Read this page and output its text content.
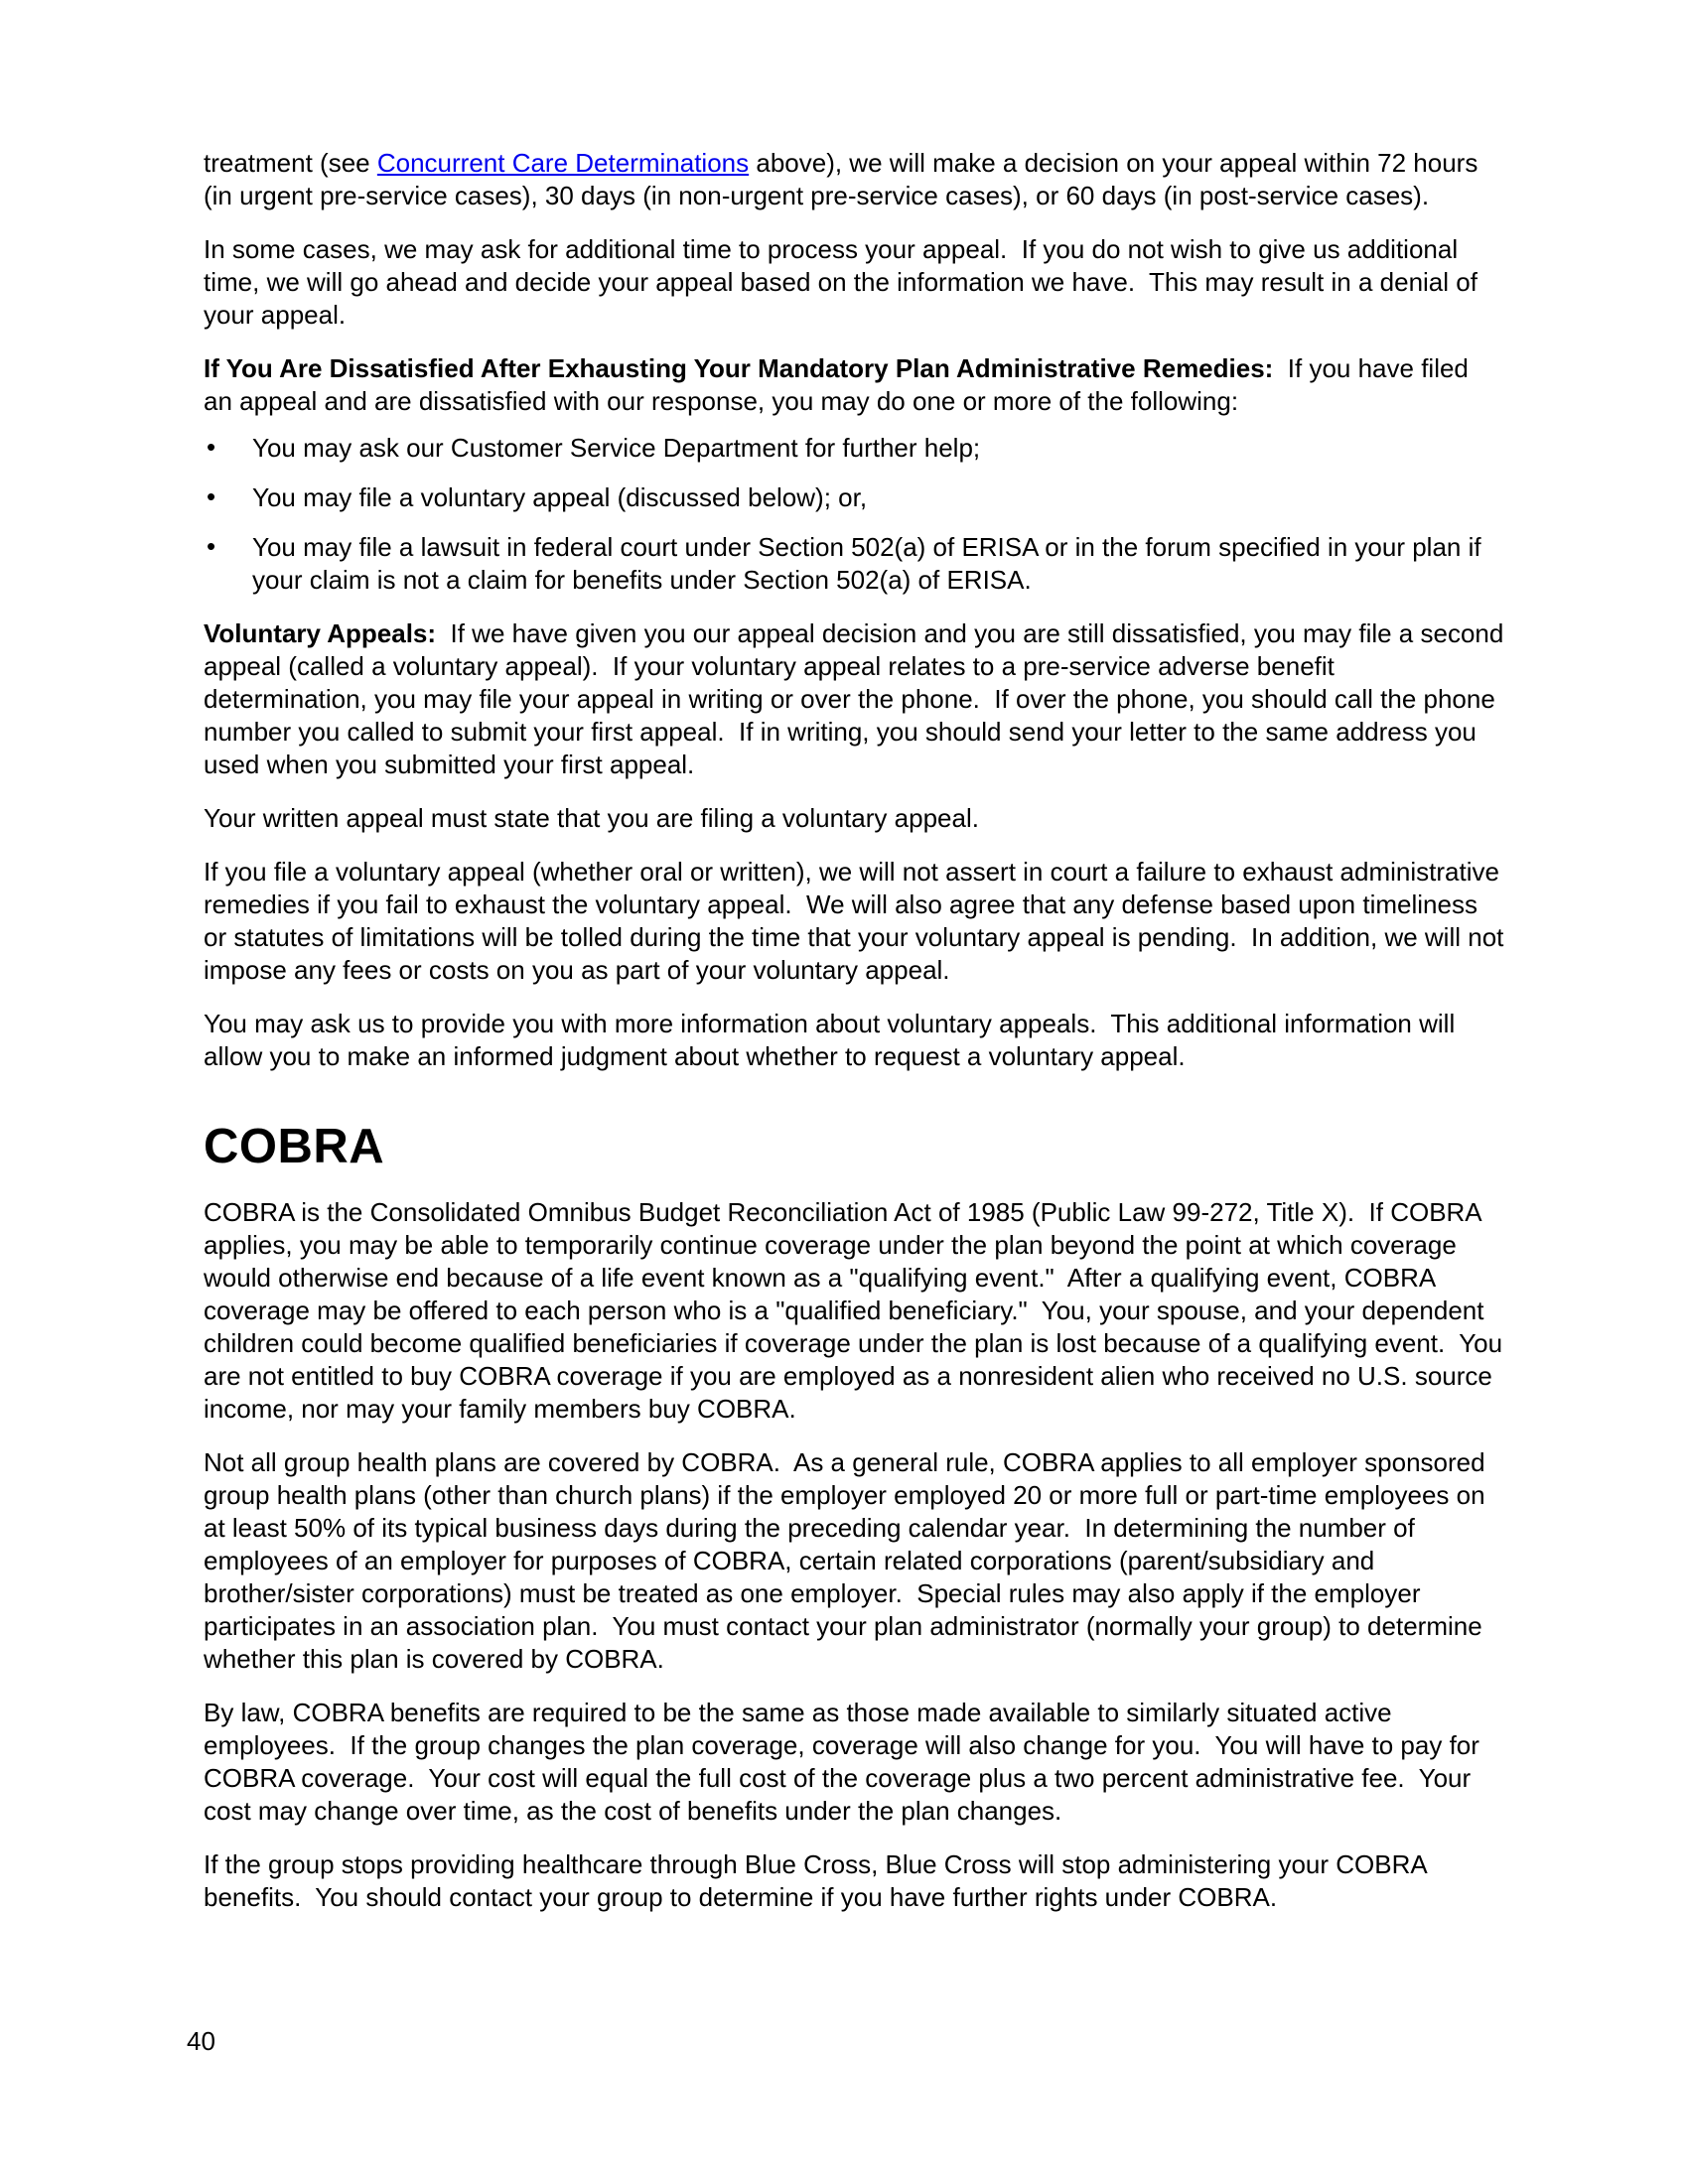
treatment (see Concurrent Care Determinations above), we will make a decision on your appeal within 72 hours (in urgent pre-service cases), 30 days (in non-urgent pre-service cases), or 60 days (in post-service cases).

In some cases, we may ask for additional time to process your appeal.  If you do not wish to give us additional time, we will go ahead and decide your appeal based on the information we have.  This may result in a denial of your appeal.

If You Are Dissatisfied After Exhausting Your Mandatory Plan Administrative Remedies:  If you have filed an appeal and are dissatisfied with our response, you may do one or more of the following:

• You may ask our Customer Service Department for further help;
• You may file a voluntary appeal (discussed below); or,
• You may file a lawsuit in federal court under Section 502(a) of ERISA or in the forum specified in your plan if your claim is not a claim for benefits under Section 502(a) of ERISA.

Voluntary Appeals:  If we have given you our appeal decision and you are still dissatisfied, you may file a second appeal (called a voluntary appeal).  If your voluntary appeal relates to a pre-service adverse benefit determination, you may file your appeal in writing or over the phone.  If over the phone, you should call the phone number you called to submit your first appeal.  If in writing, you should send your letter to the same address you used when you submitted your first appeal.

Your written appeal must state that you are filing a voluntary appeal.

If you file a voluntary appeal (whether oral or written), we will not assert in court a failure to exhaust administrative remedies if you fail to exhaust the voluntary appeal.  We will also agree that any defense based upon timeliness or statutes of limitations will be tolled during the time that your voluntary appeal is pending.  In addition, we will not impose any fees or costs on you as part of your voluntary appeal.

You may ask us to provide you with more information about voluntary appeals.  This additional information will allow you to make an informed judgment about whether to request a voluntary appeal.

COBRA

COBRA is the Consolidated Omnibus Budget Reconciliation Act of 1985 (Public Law 99-272, Title X).  If COBRA applies, you may be able to temporarily continue coverage under the plan beyond the point at which coverage would otherwise end because of a life event known as a "qualifying event."  After a qualifying event, COBRA coverage may be offered to each person who is a "qualified beneficiary."  You, your spouse, and your dependent children could become qualified beneficiaries if coverage under the plan is lost because of a qualifying event.  You are not entitled to buy COBRA coverage if you are employed as a nonresident alien who received no U.S. source income, nor may your family members buy COBRA.

Not all group health plans are covered by COBRA.  As a general rule, COBRA applies to all employer sponsored group health plans (other than church plans) if the employer employed 20 or more full or part-time employees on at least 50% of its typical business days during the preceding calendar year.  In determining the number of employees of an employer for purposes of COBRA, certain related corporations (parent/subsidiary and brother/sister corporations) must be treated as one employer.  Special rules may also apply if the employer participates in an association plan.  You must contact your plan administrator (normally your group) to determine whether this plan is covered by COBRA.

By law, COBRA benefits are required to be the same as those made available to similarly situated active employees.  If the group changes the plan coverage, coverage will also change for you.  You will have to pay for COBRA coverage.  Your cost will equal the full cost of the coverage plus a two percent administrative fee.  Your cost may change over time, as the cost of benefits under the plan changes.

If the group stops providing healthcare through Blue Cross, Blue Cross will stop administering your COBRA benefits.  You should contact your group to determine if you have further rights under COBRA.

40
